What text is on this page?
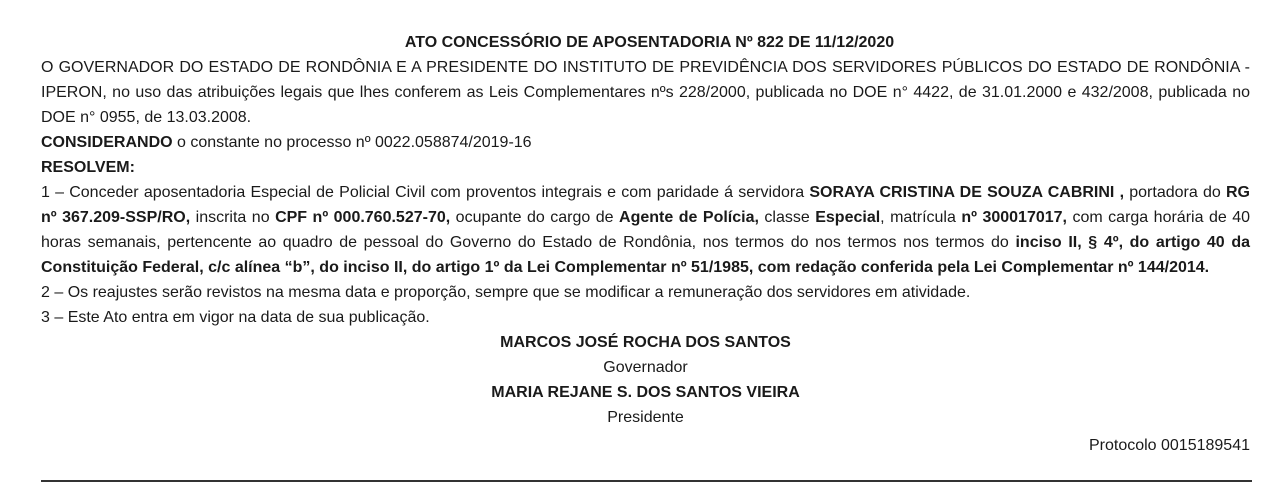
ATO CONCESSÓRIO DE APOSENTADORIA Nº 822 DE 11/12/2020

O GOVERNADOR DO ESTADO DE RONDÔNIA E A PRESIDENTE DO INSTITUTO DE PREVIDÊNCIA DOS SERVIDORES PÚBLICOS DO ESTADO DE RONDÔNIA - IPERON, no uso das atribuições legais que lhes conferem as Leis Complementares nºs 228/2000, publicada no DOE n° 4422, de 31.01.2000 e 432/2008, publicada no DOE n° 0955, de 13.03.2008.

CONSIDERANDO o constante no processo nº 0022.058874/2019-16

RESOLVEM:

1 – Conceder aposentadoria Especial de Policial Civil com proventos integrais e com paridade á servidora SORAYA CRISTINA DE SOUZA CABRINI , portadora do RG nº 367.209-SSP/RO, inscrita no CPF nº 000.760.527-70, ocupante do cargo de Agente de Polícia, classe Especial, matrícula nº 300017017, com carga horária de 40 horas semanais, pertencente ao quadro de pessoal do Governo do Estado de Rondônia, nos termos do nos termos nos termos do inciso II, § 4º, do artigo 40 da Constituição Federal, c/c alínea “b”, do inciso II, do artigo 1º da Lei Complementar nº 51/1985, com redação conferida pela Lei Complementar nº 144/2014.

2 – Os reajustes serão revistos na mesma data e proporção, sempre que se modificar a remuneração dos servidores em atividade.

3 – Este Ato entra em vigor na data de sua publicação.

MARCOS JOSÉ ROCHA DOS SANTOS

Governador

MARIA REJANE S. DOS SANTOS VIEIRA

Presidente

Protocolo 0015189541
